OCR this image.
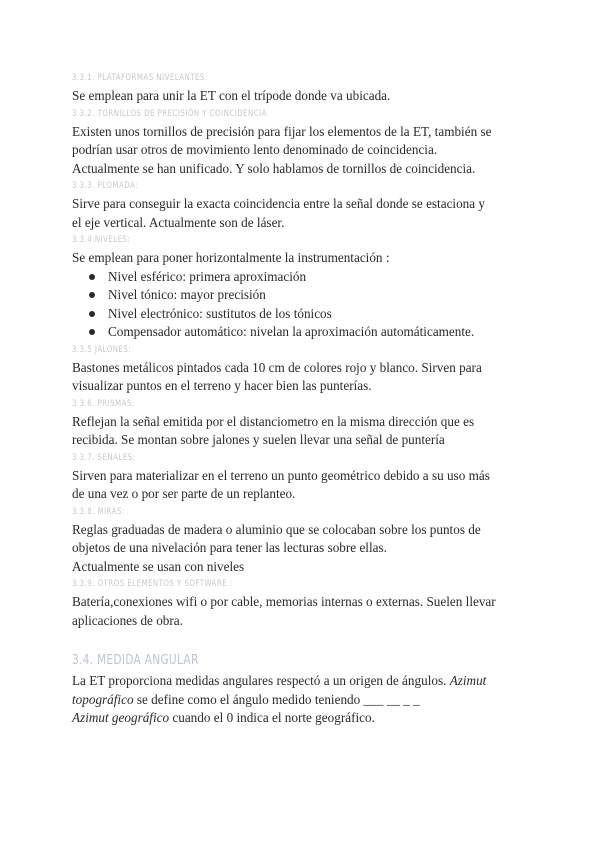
3.3.1. PLATAFORMAS NIVELANTES:

Se emplean para unir la ET con el trípode donde va ubicada.

3.3.2. TORNILLOS DE PRECISIÓN Y COINCIDENCIA

Existen unos tornillos de precisión para fijar los elementos de la ET, también se

podrían usar otros de movimiento lento denominado de coincidencia.

Actualmente se han unificado. Y solo hablamos de tornillos de coincidencia.

3.3.3. PLOMADA:

Sirve para conseguir la exacta coincidencia entre la señal donde se estaciona y

el eje vertical. Actualmente son de láser.

3.3.4.NIVELES:

Se emplean para poner horizontalmente la instrumentación :

Nivel esférico: primera aproximación
Nivel tónico: mayor precisión
Nivel electrónico: sustitutos de los tónicos
Compensador automático: nivelan la aproximación automáticamente.
3.3.5 JALONES:

Bastones metálicos pintados cada 10 cm de colores rojo y blanco. Sirven para

visualizar puntos en el terreno y hacer bien las punterías.

3.3.6. PRISMAS:

Reflejan la señal emitida por el distanciometro en la misma dirección que es

recibida. Se montan sobre jalones y suelen llevar una señal de puntería

3.3.7. SEÑALES:

Sirven para materializar en el terreno un punto geométrico debido a su uso más

de una vez o por ser parte de un replanteo.

3.3.8. MIRAS:

Reglas graduadas de madera o aluminio que se colocaban sobre los puntos de

objetos de una nivelación para tener las lecturas sobre ellas.

Actualmente se usan con niveles

3.3.9. OTROS ELEMENTOS Y SOFTWARE :

Batería,conexiones wifi o por cable, memorias internas o externas. Suelen llevar

aplicaciones de obra.

3.4. MEDIDA ANGULAR

La ET proporciona medidas angulares respectó a un origen de ángulos. Azimut

topográfico se define como el ángulo medido teniendo ___ __ _ _

Azimut geográfico cuando el 0 indica el norte geográfico.
